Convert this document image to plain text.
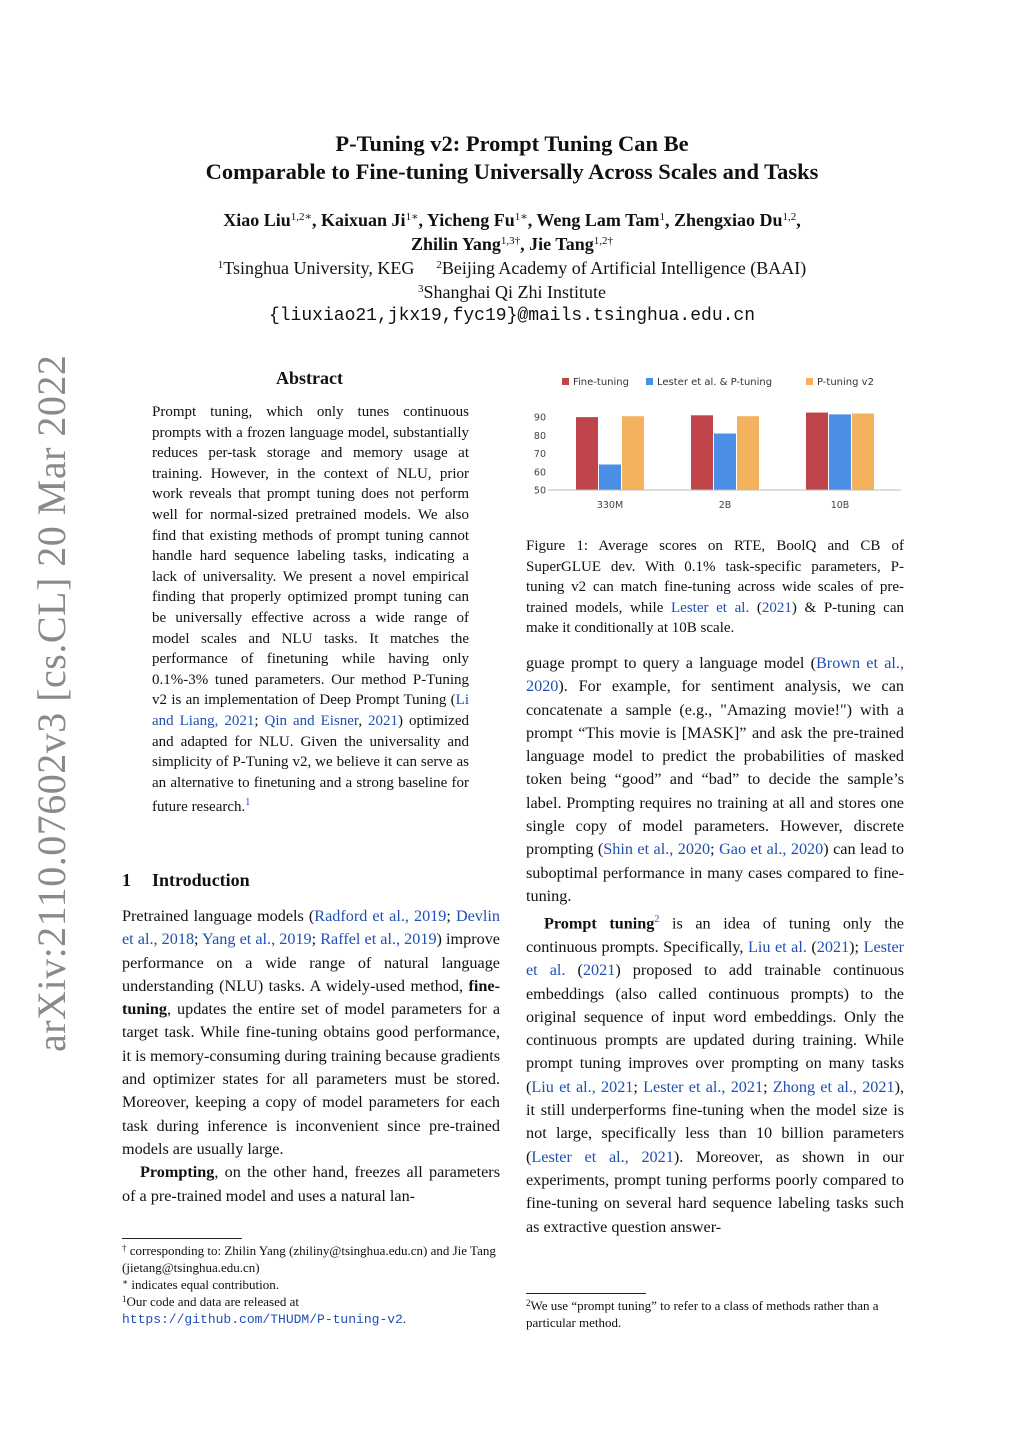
arXiv:2110.07602v3 [cs.CL] 20 Mar 2022
P-Tuning v2: Prompt Tuning Can Be
Comparable to Fine-tuning Universally Across Scales and Tasks
Xiao Liu$^{1,2∗}$, Kaixuan $Ji^{1∗}$, Yicheng $Fu^{1∗}$, Weng Lam Tam$^1$, Zhengxiao Du$^{1,2}$,
Zhilin Yang$^{1,3\dagger}$, Jie Tang$^{1,2\dagger}$
$^1$Tsinghua University, KEG $^2$Beijing Academy of Artificial Intelligence (BAAI)
$^3$Shanghai Qi Zhi Institute
{liuxiao21,jkx19,fyc19}@mails.tsinghua.edu.cn
Abstract
Prompt tuning, which only tunes continuous prompts with a frozen language model, substantially reduces per-task storage and memory usage at training. However, in the context of NLU, prior work reveals that prompt tuning does not perform well for normal-sized pretrained models. We also find that existing methods of prompt tuning cannot handle hard sequence labeling tasks, indicating a lack of universality. We present a novel empirical finding that properly optimized prompt tuning can be universally effective across a wide range of model scales and NLU tasks. It matches the performance of finetuning while having only 0.1%-3% tuned parameters. Our method P-Tuning v2 is an implementation of Deep Prompt Tuning (Li and Liang, 2021; Qin and Eisner, 2021) optimized and adapted for NLU. Given the universality and simplicity of P-Tuning v2, we believe it can serve as an alternative to finetuning and a strong baseline for future research.$^1$
Fine-tuning	Lester et al. & P-tuning	P-tuning v2
50
60
70
80
90
330M	2B	10B
Figure 1: Average scores on RTE, BoolQ and CB of SuperGLUE dev. With 0.1% task-specific parameters, P-tuning v2 can match fine-tuning across wide scales of pre-trained models, while Lester et al. (2021) & P-tuning can make it conditionally at 10B scale.
1 Introduction

Pretrained language models (Radford et al., 2019; Devlin et al., 2018; Yang et al., 2019; Raffel et al., 2019) improve performance on a wide range of natural language understanding (NLU) tasks. A widely-used method, fine-tuning, updates the entire set of model parameters for a target task. While fine-tuning obtains good performance, it is memory-consuming during training because gradients and optimizer states for all parameters must be stored. Moreover, keeping a copy of model parameters for each task during inference is inconvenient since pre-trained models are usually large.

Prompting, on the other hand, freezes all parameters of a pre-trained model and uses a natural lan-

guage prompt to query a language model (Brown et al., 2020). For example, for sentiment analysis, we can concatenate a sample (e.g., "Amazing movie!") with a prompt “This movie is [MASK]” and ask the pre-trained language model to predict the probabilities of masked token being “good” and “bad” to decide the sample’s label. Prompting requires no training at all and stores one single copy of model parameters. However, discrete prompting (Shin et al., 2020; Gao et al., 2020) can lead to suboptimal performance in many cases compared to fine-tuning.

Prompt tuning$^2$ is an idea of tuning only the continuous prompts. Specifically, Liu et al. (2021); Lester et al. (2021) proposed to add trainable continuous embeddings (also called continuous prompts) to the original sequence of input word embeddings. Only the continuous prompts are updated during training. While prompt tuning improves over prompting on many tasks (Liu et al., 2021; Lester et al., 2021; Zhong et al., 2021), it still underperforms fine-tuning when the model size is not large, specifically less than 10 billion parameters (Lester et al., 2021). Moreover, as shown in our experiments, prompt tuning performs poorly compared to fine-tuning on several hard sequence labeling tasks such as extractive question answer-

† corresponding to: Zhilin Yang (zhiliny@tsinghua.edu.cn) and Jie Tang (jietang@tsinghua.edu.cn)
∗ indicates equal contribution.
$^1$Our code and data are released at https://github.com/THUDM/P-tuning-v2.
$^2$We use “prompt tuning” to refer to a class of methods rather than a particular method.
